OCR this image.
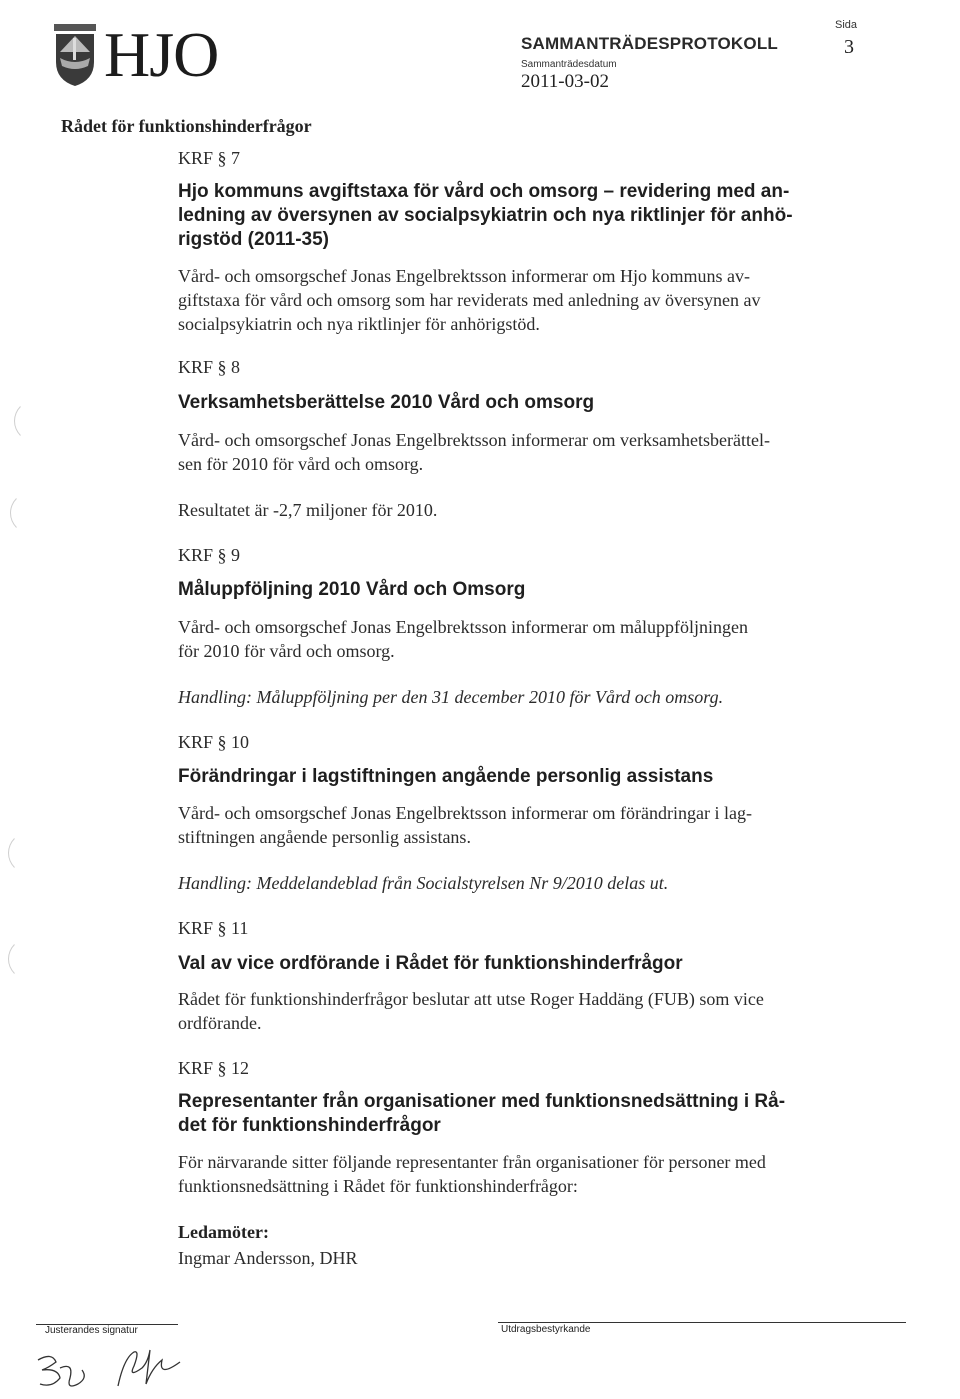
HJO	SAMMANTRÄDESPROTOKOLL
Sammanträdesdatum
2011-03-02
Sida
3
Rådet för funktionshinderfrågor
KRF § 7
Hjo kommuns avgiftstaxa för vård och omsorg – revidering med an-
ledning av översynen av socialpsykiatrin och nya riktlinjer för anhö-
rigstöd (2011-35)
Vård- och omsorgschef Jonas Engelbrektsson informerar om Hjo kommuns av-
giftstaxa för vård och omsorg som har reviderats med anledning av översynen av
socialpsykiatrin och nya riktlinjer för anhörigstöd.
KRF § 8
Verksamhetsberättelse 2010 Vård och omsorg
Vård- och omsorgschef Jonas Engelbrektsson informerar om verksamhetsberättel-
sen för 2010 för vård och omsorg.
Resultatet är -2,7 miljoner för 2010.
KRF § 9
Måluppföljning 2010 Vård och Omsorg
Vård- och omsorgschef Jonas Engelbrektsson informerar om måluppföljningen
för 2010 för vård och omsorg.
Handling: Måluppföljning per den 31 december 2010 för Vård och omsorg.
KRF § 10
Förändringar i lagstiftningen angående personlig assistans
Vård- och omsorgschef Jonas Engelbrektsson informerar om förändringar i lag-
stiftningen angående personlig assistans.
Handling: Meddelandeblad från Socialstyrelsen Nr 9/2010 delas ut.
KRF § 11
Val av vice ordförande i Rådet för funktionshinderfrågor
Rådet för funktionshinderfrågor beslutar att utse Roger Haddäng (FUB) som vice
ordförande.
KRF § 12
Representanter från organisationer med funktionsnedsättning i Rå-
det för funktionshinderfrågor
För närvarande sitter följande representanter från organisationer för personer med
funktionsnedsättning i Rådet för funktionshinderfrågor:
Ledamöter:
Ingmar Andersson, DHR
Justerandes signatur	Utdragsbestyrkande
